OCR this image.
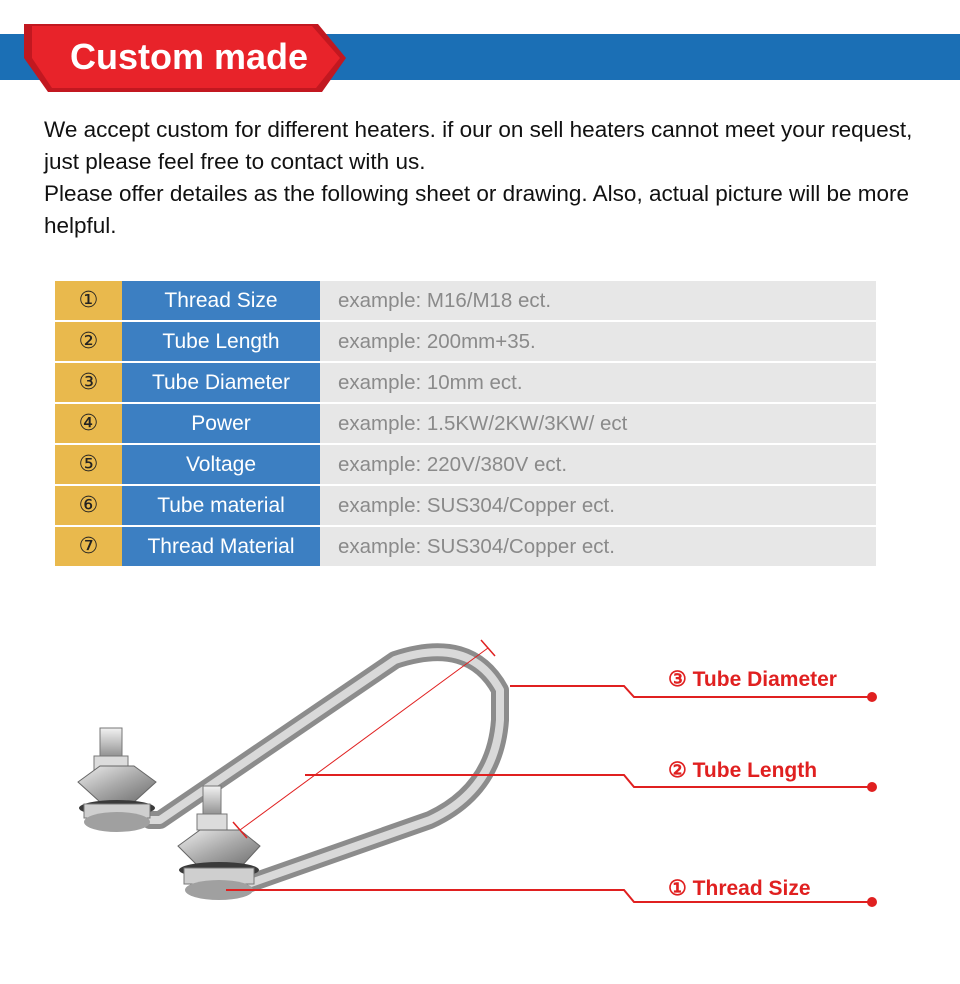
Custom made

We accept custom for different heaters. if our on sell heaters cannot meet your request, just please feel free to contact with us.

Please offer detailes as the following sheet or drawing. Also, actual picture will be more helpful.

①	Thread Size	example: M16/M18 ect.
②	Tube Length	example: 200mm+35.
③	Tube Diameter	example: 10mm ect.
④	Power	example: 1.5KW/2KW/3KW/ ect
⑤	Voltage	example: 220V/380V ect.
⑥	Tube material	example: SUS304/Copper ect.
⑦	Thread Material	example: SUS304/Copper ect.
③ Tube Diameter
② Tube Length
① Thread Size
